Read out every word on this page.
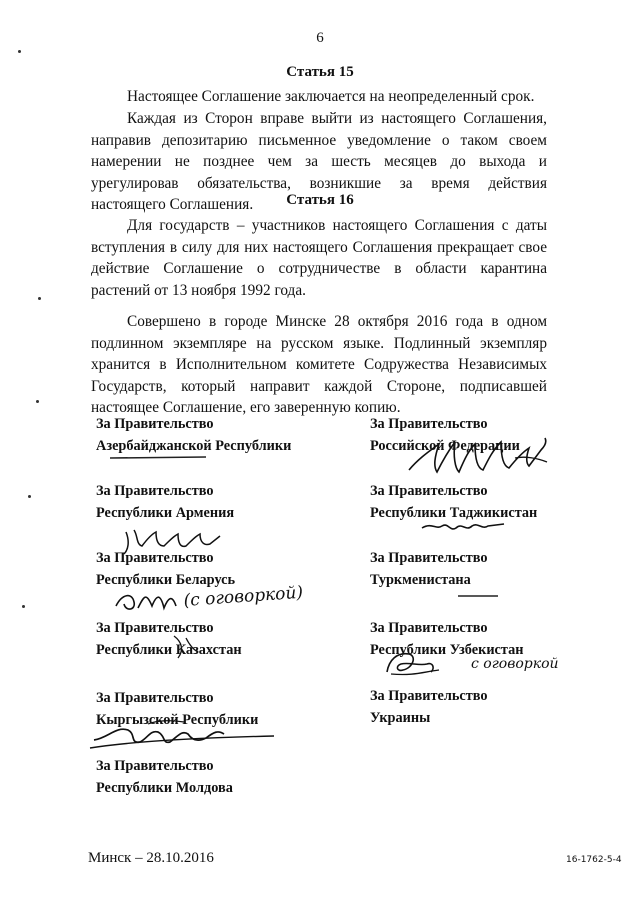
6
Статья 15

Настоящее Соглашение заключается на неопределенный срок.

Каждая из Сторон вправе выйти из настоящего Соглашения, направив депозитарию письменное уведомление о таком своем намерении не позднее чем за шесть месяцев до выхода и урегулировав обязательства, возникшие за время действия настоящего Соглашения.	Статья 16

Для государств – участников настоящего Соглашения с даты вступления в силу для них настоящего Соглашения прекращает свое действие Соглашение о сотрудничестве в области карантина растений от 13 ноября 1992 года.

Совершено в городе Минске 28 октября 2016 года в одном подлинном экземпляре на русском языке. Подлинный экземпляр хранится в Исполнительном комитете Содружества Независимых Государств, который направит каждой Стороне, подписавшей настоящее Соглашение, его заверенную копию.

За Правительство
Азербайджанской Республики
За Правительство
Республики Армения
За Правительство
Республики Беларусь
За Правительство
Республики Казахстан
За Правительство
Кыргызской Республики
За Правительство
Республики Молдова
За Правительство
Российской Федерации
За Правительство
Республики Таджикистан
За Правительство
Туркменистана
За Правительство
Республики Узбекистан
За Правительство
Украины
(с оговоркой)
с оговоркой
Минск – 28.10.2016	16-1762-5-4
